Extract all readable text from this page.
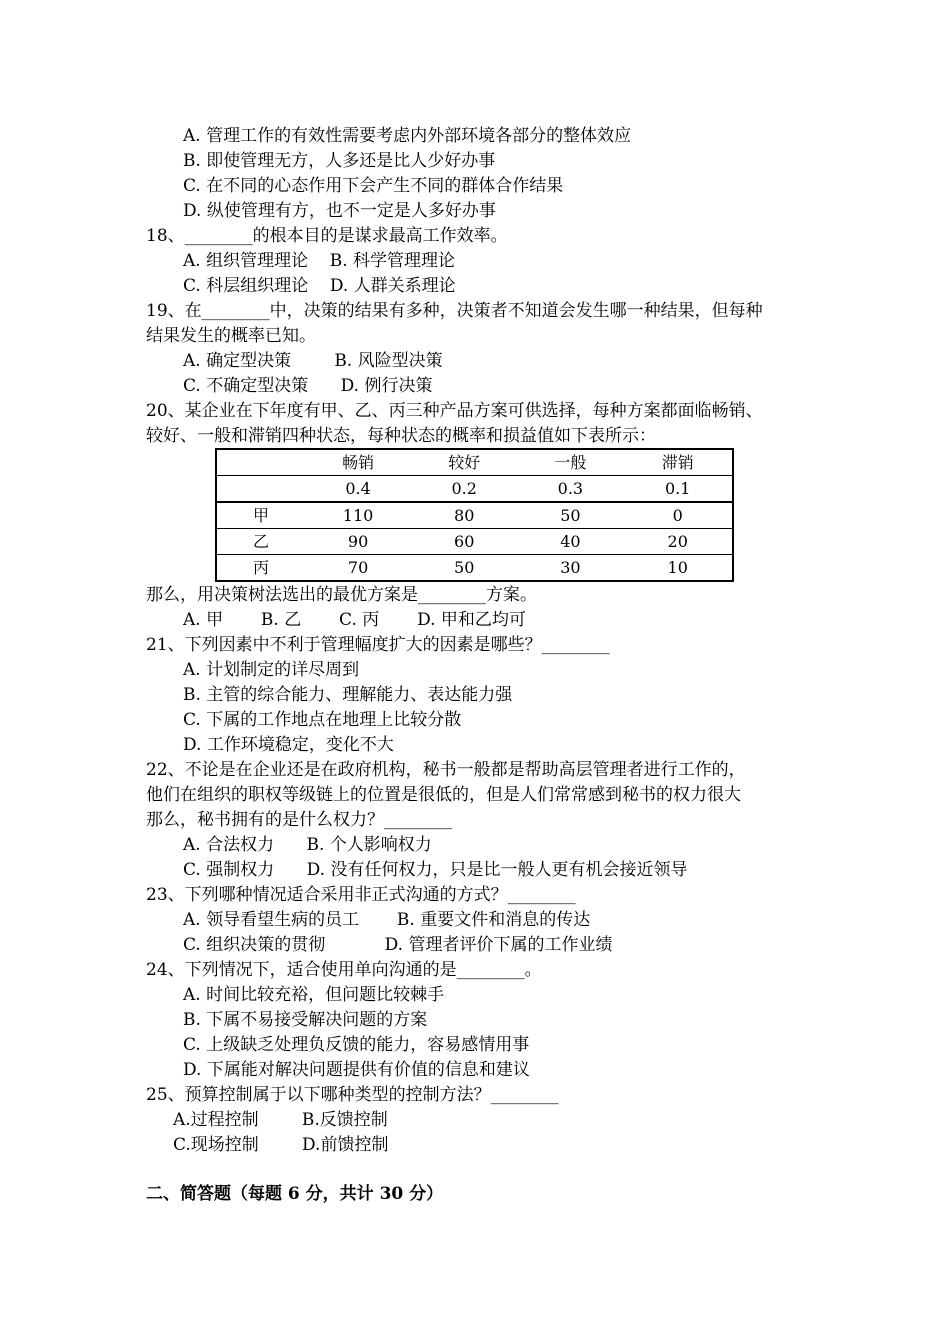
A. 管理工作的有效性需要考虑内外部环境各部分的整体效应
B. 即使管理无方，人多还是比人少好办事
C. 在不同的心态作用下会产生不同的群体合作结果
D. 纵使管理有方，也不一定是人多好办事
18、________的根本目的是谋求最高工作效率。
A. 组织管理理论    B. 科学管理理论
C. 科层组织理论    D. 人群关系理论
19、在________中，决策的结果有多种，决策者不知道会发生哪一种结果，但每种
结果发生的概率已知。
A. 确定型决策        B. 风险型决策
C. 不确定型决策      D. 例行决策
20、某企业在下年度有甲、乙、丙三种产品方案可供选择，每种方案都面临畅销、
较好、一般和滞销四种状态，每种状态的概率和损益值如下表所示：
	畅销	较好	一般	滞销
	0.4	0.2	0.3	0.1
甲	110	80	50	0
乙	90	60	40	20
丙	70	50	30	10
那么，用决策树法选出的最优方案是________方案。
A. 甲       B. 乙       C. 丙       D. 甲和乙均可
21、下列因素中不利于管理幅度扩大的因素是哪些？________
A. 计划制定的详尽周到
B. 主管的综合能力、理解能力、表达能力强
C. 下属的工作地点在地理上比较分散
D. 工作环境稳定，变化不大
22、不论是在企业还是在政府机构，秘书一般都是帮助高层管理者进行工作的，
他们在组织的职权等级链上的位置是很低的，但是人们常常感到秘书的权力很大
那么，秘书拥有的是什么权力？________
A. 合法权力      B. 个人影响权力
C. 强制权力      D. 没有任何权力，只是比一般人更有机会接近领导
23、下列哪种情况适合采用非正式沟通的方式？________
A. 领导看望生病的员工       B. 重要文件和消息的传达
C. 组织决策的贯彻           D. 管理者评价下属的工作业绩
24、下列情况下，适合使用单向沟通的是________。
A. 时间比较充裕，但问题比较棘手
B. 下属不易接受解决问题的方案
C. 上级缺乏处理负反馈的能力，容易感情用事
D. 下属能对解决问题提供有价值的信息和建议
25、预算控制属于以下哪种类型的控制方法？________
A.过程控制        B.反馈控制
C.现场控制        D.前馈控制
二、简答题（每题 6 分，共计 30 分）
